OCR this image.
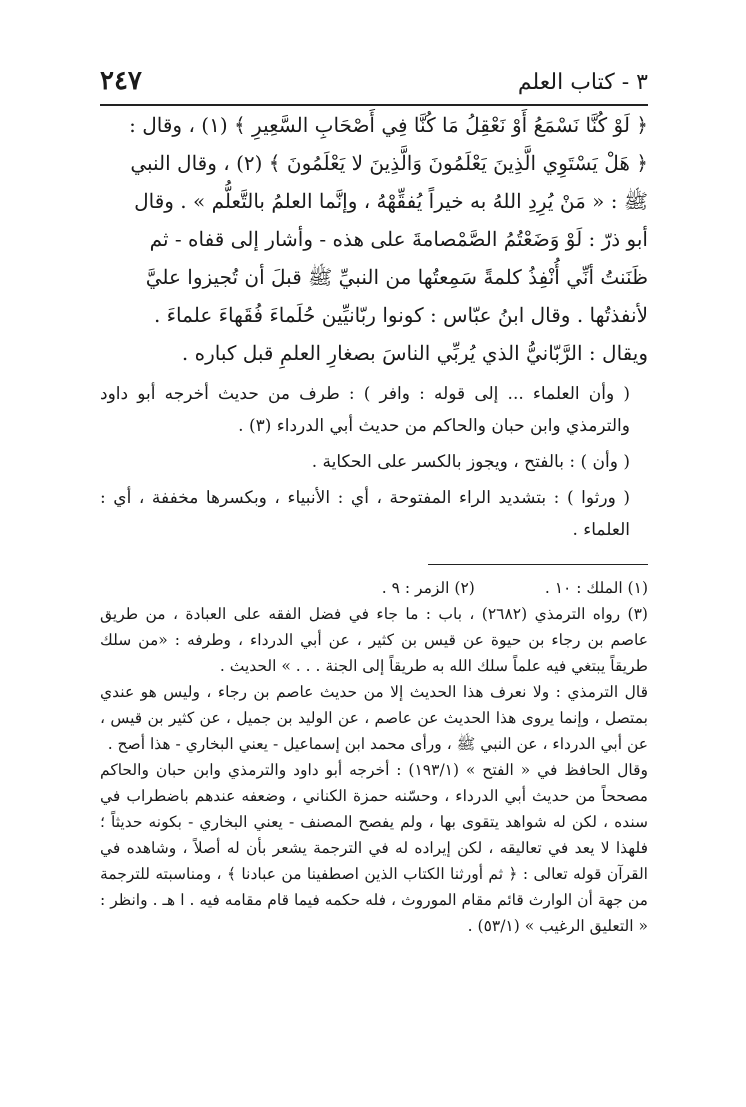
٣ - كتاب العلم
٢٤٧

﴿ لَوْ كُنَّا نَسْمَعُ أَوْ نَعْقِلُ مَا كُنَّا فِي أَصْحَابِ السَّعِيرِ ﴾ (١) ، وقال :

﴿ هَلْ يَسْتَوِي الَّذِينَ يَعْلَمُونَ وَالَّذِينَ لا يَعْلَمُونَ ﴾ (٢) ، وقال النبي

ﷺ : « مَنْ يُرِدِ اللهُ به خيراً يُفقِّهْهُ ، وإنَّما العلمُ بالتَّعلُّم » . وقال

أبو ذرّ : لَوْ وَضَعْتُمُ الصَّمْصامةَ على هذه - وأشار إلى قفاه - ثم

ظَنَنتُ أنِّي أُنْفِذُ كلمةً سَمِعتُها من النبيِّ ﷺ قبلَ أن تُجيزوا عليَّ

لأنفذتُها . وقال ابنُ عبّاس : كونوا ربّانيِّين حُلَماءَ فُقَهاءَ علماءَ .

ويقال : الرَّبّانيُّ الذي يُربِّي الناسَ بصغارِ العلمِ قبل كباره .

( وأن العلماء ... إلى قوله : وافر ) : طرف من حديث أخرجه أبو داود والترمذي وابن حبان والحاكم من حديث أبي الدرداء (٣) .

( وأن ) : بالفتح ، ويجوز بالكسر على الحكاية .

( ورثوا ) : بتشديد الراء المفتوحة ، أي : الأنبياء ، وبكسرها مخففة ، أي : العلماء .

(١) الملك : ١٠ .
(٢) الزمر : ٩ .

(٣) رواه الترمذي (٢٦٨٢) ، باب : ما جاء في فضل الفقه على العبادة ، من طريق عاصم بن رجاء بن حيوة عن قيس بن كثير ، عن أبي الدرداء ، وطرفه : «من سلك طريقاً يبتغي فيه علماً سلك الله به طريقاً إلى الجنة . . . » الحديث .

قال الترمذي : ولا نعرف هذا الحديث إلا من حديث عاصم بن رجاء ، وليس هو عندي بمتصل ، وإنما يروى هذا الحديث عن عاصم ، عن الوليد بن جميل ، عن كثير بن قيس ، عن أبي الدرداء ، عن النبي ﷺ ، ورأى محمد ابن إسماعيل - يعني البخاري - هذا أصح .

وقال الحافظ في « الفتح » (١٩٣/١) : أخرجه أبو داود والترمذي وابن حبان والحاكم مصححاً من حديث أبي الدرداء ، وحسّنه حمزة الكناني ، وضعفه عندهم باضطراب في سنده ، لكن له شواهد يتقوى بها ، ولم يفصح المصنف - يعني البخاري - بكونه حديثاً ؛ فلهذا لا يعد في تعاليقه ، لكن إيراده له في الترجمة يشعر بأن له أصلاً ، وشاهده في القرآن قوله تعالى : ﴿ ثم أورثنا الكتاب الذين اصطفينا من عبادنا ﴾ ، ومناسبته للترجمة من جهة أن الوارث قائم مقام الموروث ، فله حكمه فيما قام مقامه فيه . ا هـ . وانظر : « التعليق الرغيب » (٥٣/١) .
